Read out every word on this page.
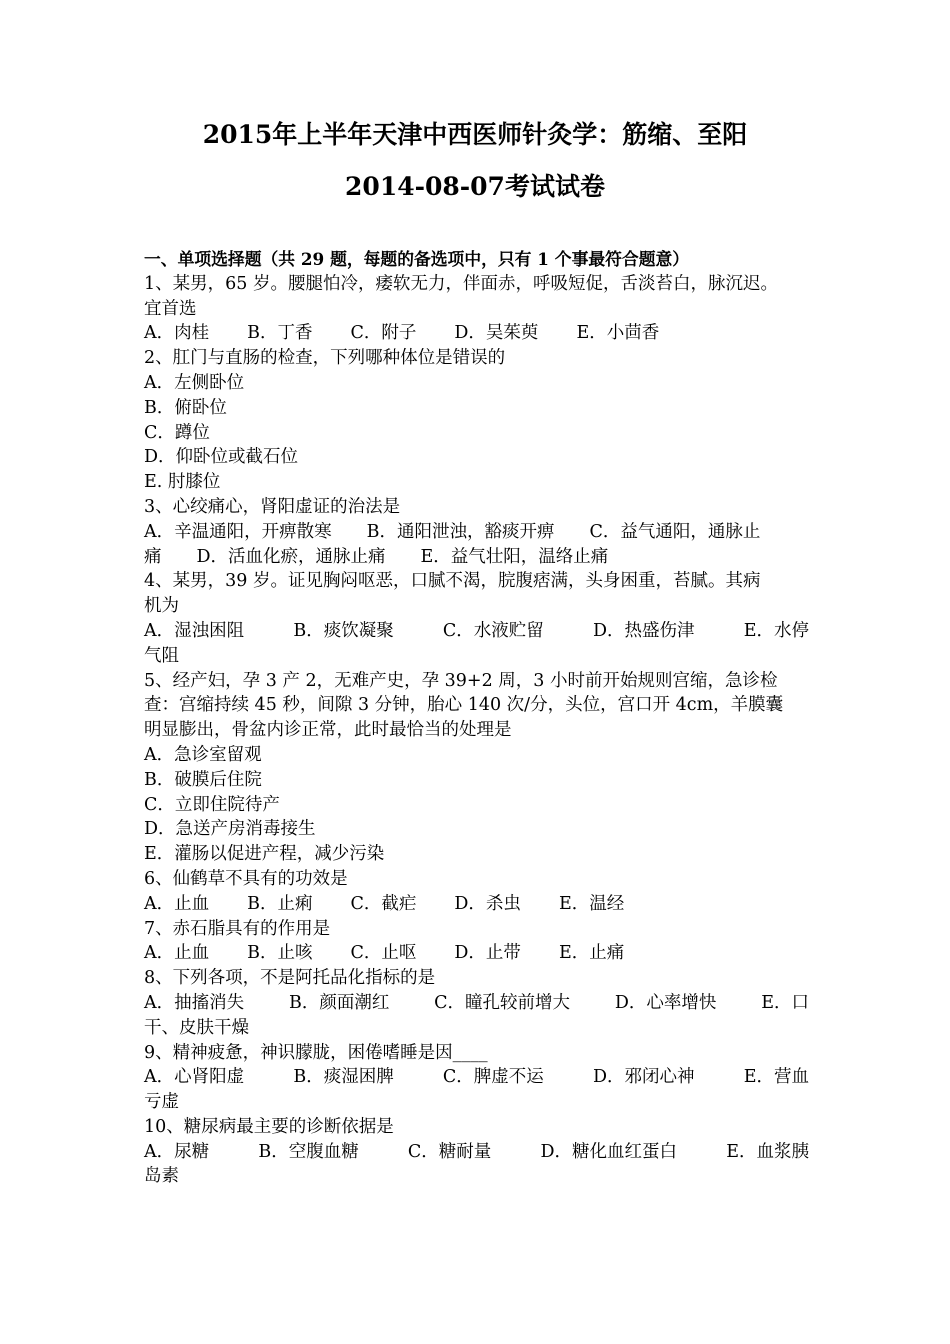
2015年上半年天津中西医师针灸学：筋缩、至阳
2014-08-07考试试卷
一、单项选择题（共 29 题，每题的备选项中，只有 1 个事最符合题意）
1、某男，65 岁。腰腿怕冷，痿软无力，伴面赤，呼吸短促，舌淡苔白，脉沉迟。
宜首选
A．肉桂 B．丁香 C．附子 D．吴茱萸 E．小茴香
2、肛门与直肠的检查，下列哪种体位是错误的
A．左侧卧位
B．俯卧位
C．蹲位
D．仰卧位或截石位
E. 肘膝位
3、心绞痛心，肾阳虚证的治法是
A．辛温通阳，开痹散寒　　B．通阳泄浊，豁痰开痹　　C．益气通阳，通脉止
痛　　D．活血化瘀，通脉止痛　　E．益气壮阳，温络止痛
4、某男，39 岁。证见胸闷呕恶，口腻不渴，脘腹痞满，头身困重，苔腻。其病
机为
A．湿浊困阻	B．痰饮凝聚	C．水液贮留	D．热盛伤津	E．水停
气阻
5、经产妇，孕 3 产 2，无难产史，孕 39+2 周，3 小时前开始规则宫缩，急诊检
查：宫缩持续 45 秒，间隙 3 分钟，胎心 140 次/分，头位，宫口开 4cm，羊膜囊
明显膨出，骨盆内诊正常，此时最恰当的处理是
A．急诊室留观
B．破膜后住院
C．立即住院待产
D．急送产房消毒接生
E．灌肠以促进产程，减少污染
6、仙鹤草不具有的功效是
A．止血 B．止痢 C．截疟 D．杀虫 E．温经
7、赤石脂具有的作用是
A．止血 B．止咳 C．止呕 D．止带 E．止痛
8、下列各项，不是阿托品化指标的是
A．抽搐消失	B．颜面潮红	C．瞳孔较前增大	D．心率增快	E．口
干、皮肤干燥
9、精神疲惫，神识朦胧，困倦嗜睡是因____
A．心肾阳虚	B．痰湿困脾	C．脾虚不运	D．邪闭心神	E．营血
亏虚
10、糖尿病最主要的诊断依据是
A．尿糖	B．空腹血糖	C．糖耐量	D．糖化血红蛋白	E．血浆胰
岛素
